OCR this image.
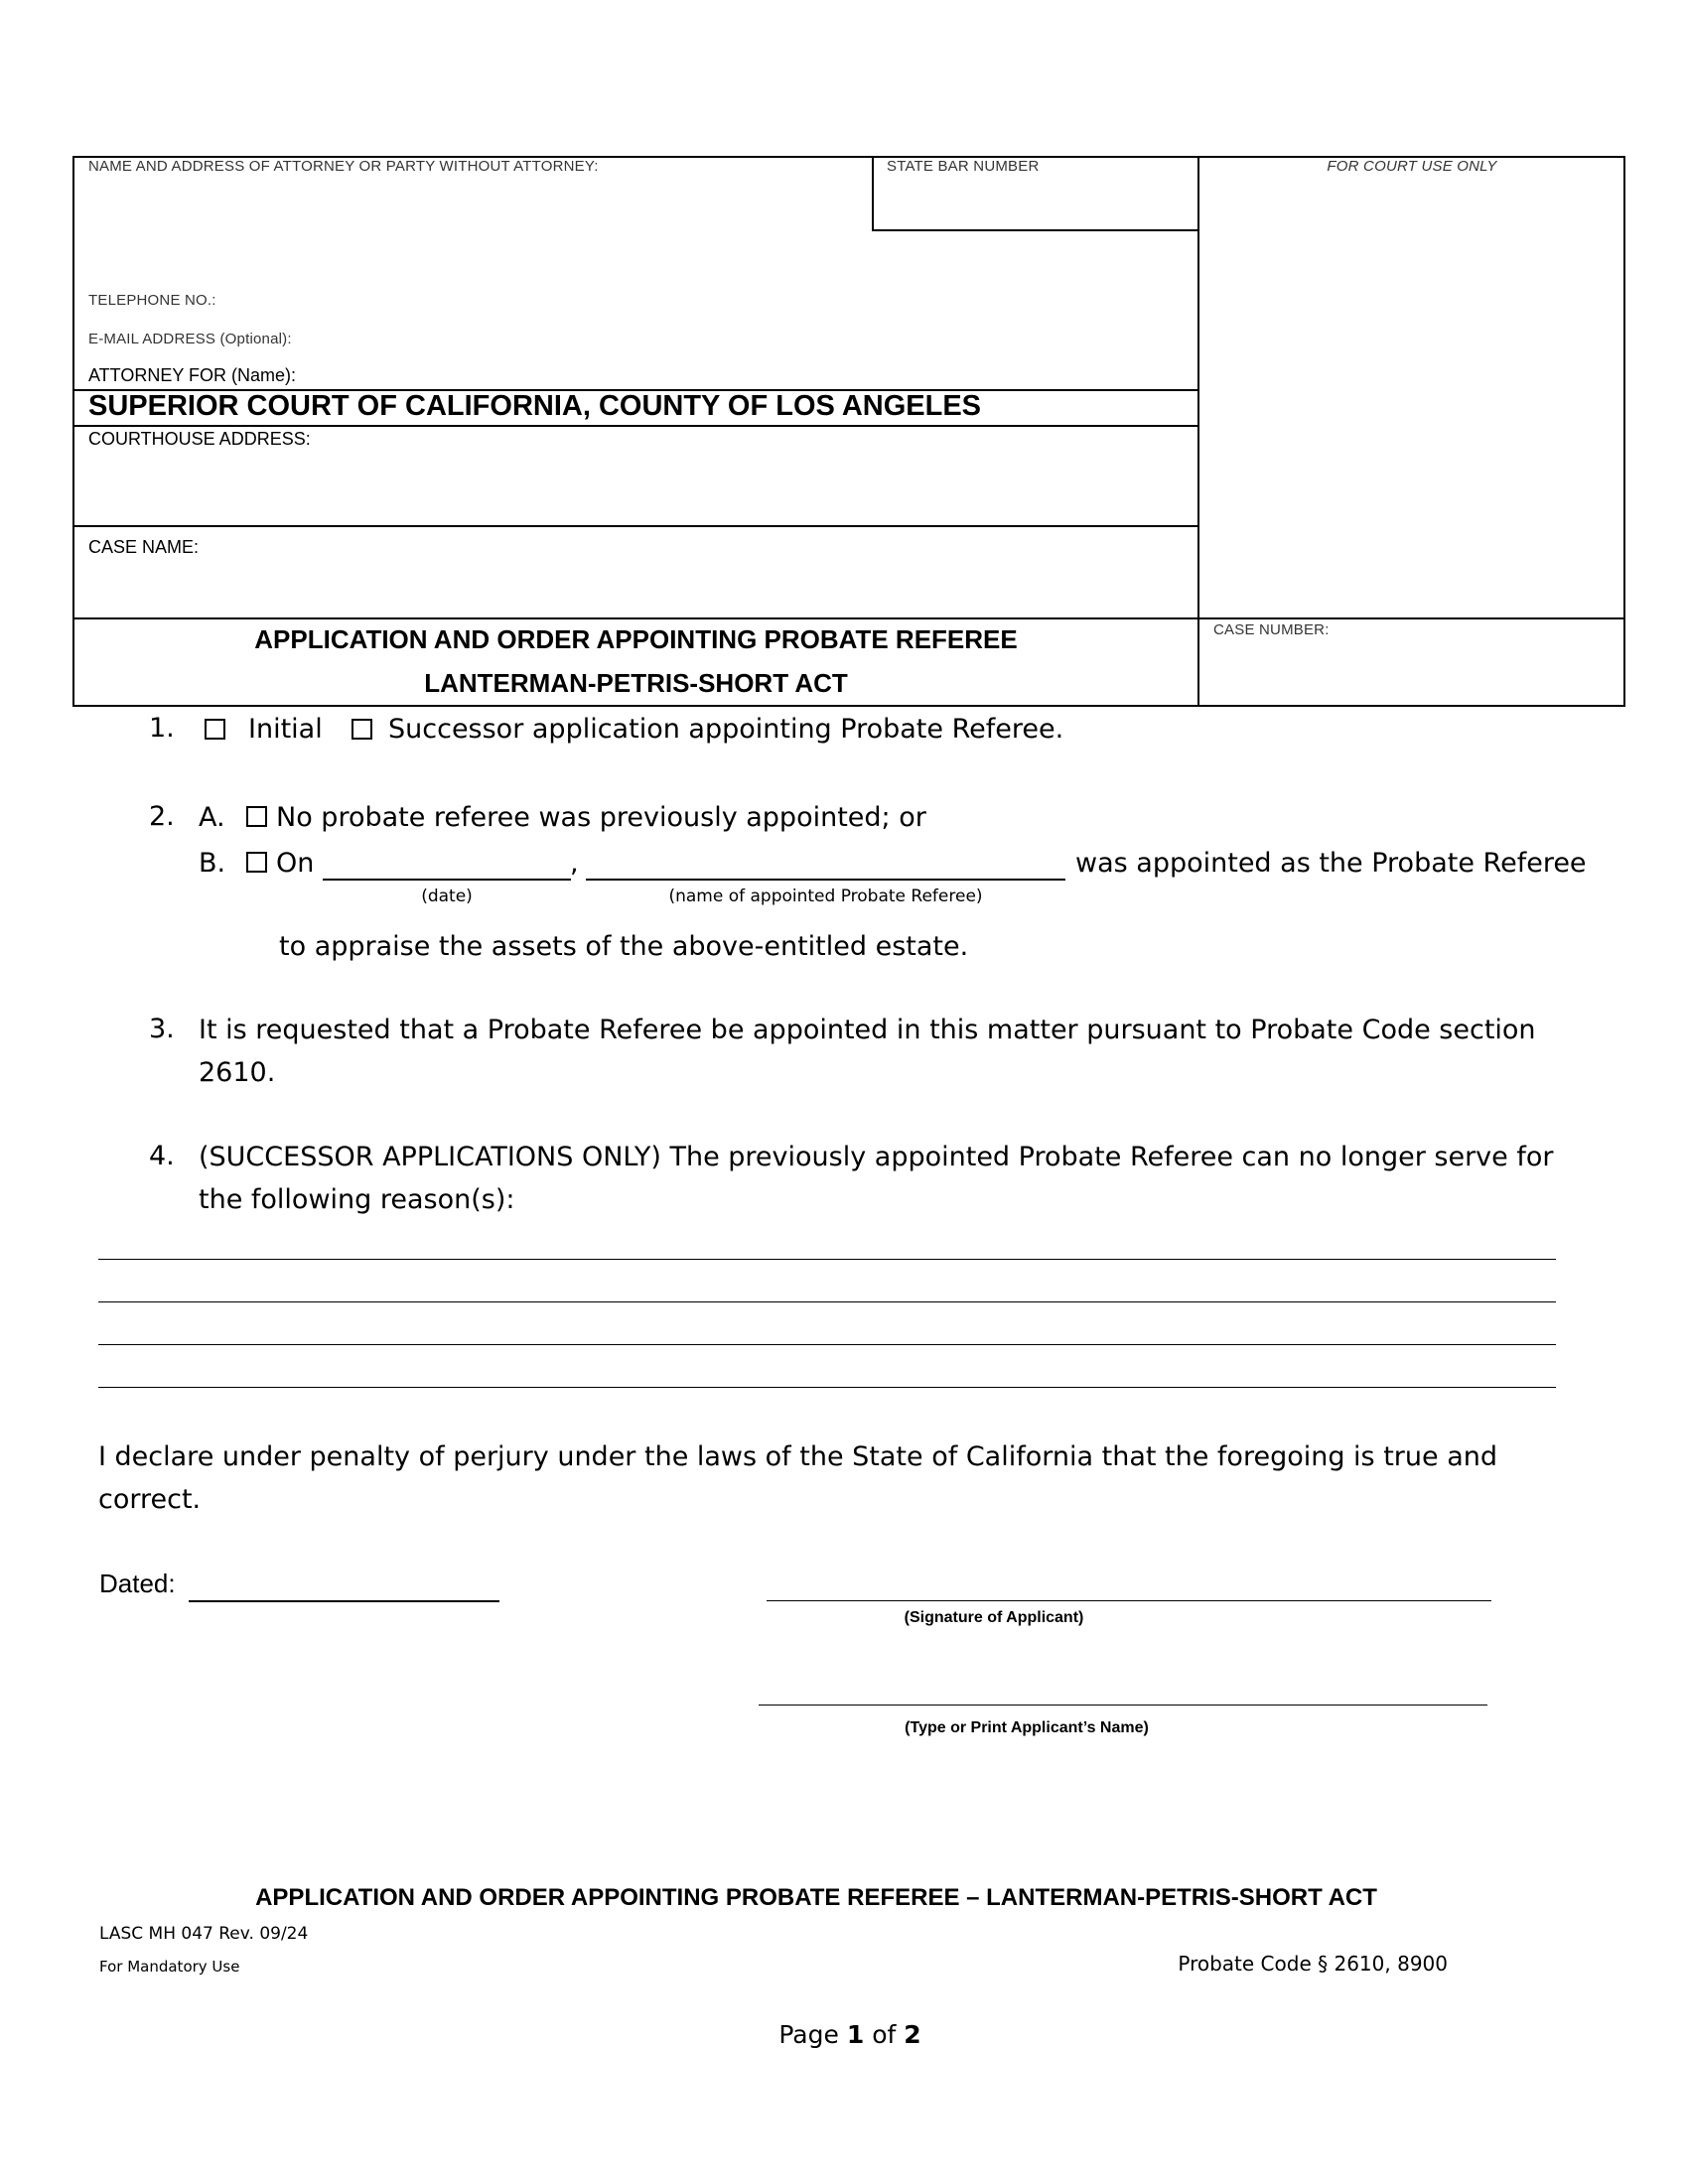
NAME AND ADDRESS OF ATTORNEY OR PARTY WITHOUT ATTORNEY:	STATE BAR NUMBER	FOR COURT USE ONLY
TELEPHONE NO.:
E-MAIL ADDRESS (Optional):
ATTORNEY FOR (Name):
SUPERIOR COURT OF CALIFORNIA, COUNTY OF LOS ANGELES
COURTHOUSE ADDRESS:
CASE NAME:
APPLICATION AND ORDER APPOINTING PROBATE REFEREE
LANTERMAN-PETRIS-SHORT ACT
CASE NUMBER:
1.	Initial Successor application appointing Probate Referee.
2. A. No probate referee was previously appointed; or
B. On	,	was appointed as the Probate Referee
(date)	(name of appointed Probate Referee)
to appraise the assets of the above-entitled estate.
3. It is requested that a Probate Referee be appointed in this matter pursuant to Probate Code section
2610.
4. (SUCCESSOR APPLICATIONS ONLY) The previously appointed Probate Referee can no longer serve for
the following reason(s):
I declare under penalty of perjury under the laws of the State of California that the foregoing is true and
correct.
Dated:
(Signature of Applicant)
(Type or Print Applicant’s Name)
APPLICATION AND ORDER APPOINTING PROBATE REFEREE – LANTERMAN-PETRIS-SHORT ACT
LASC MH 047 Rev. 09/24
For Mandatory Use	Probate Code § 2610, 8900
Page 1 of 2
